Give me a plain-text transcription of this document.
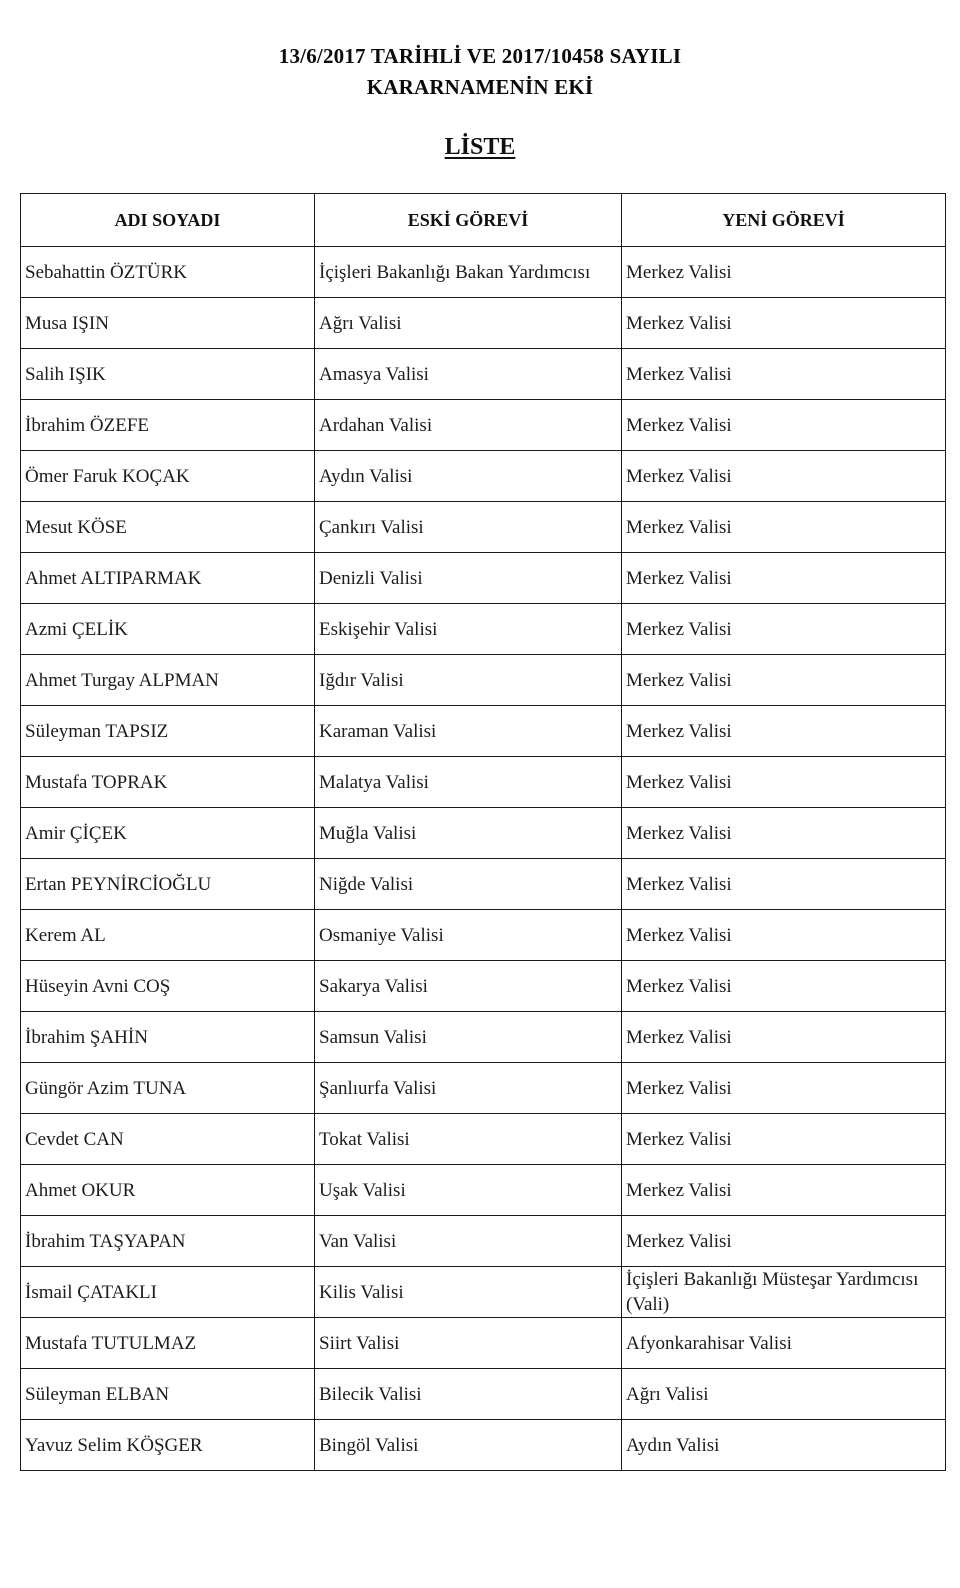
13/6/2017 TARİHLİ VE 2017/10458 SAYILI
KARARNAMENİN EKİ
LİSTE
ADI SOYADI	ESKİ GÖREVİ	YENİ GÖREVİ
Sebahattin ÖZTÜRK	İçişleri Bakanlığı Bakan Yardımcısı	Merkez Valisi
Musa IŞIN	Ağrı Valisi	Merkez Valisi
Salih IŞIK	Amasya Valisi	Merkez Valisi
İbrahim ÖZEFE	Ardahan Valisi	Merkez Valisi
Ömer Faruk KOÇAK	Aydın Valisi	Merkez Valisi
Mesut KÖSE	Çankırı Valisi	Merkez Valisi
Ahmet ALTIPARMAK	Denizli Valisi	Merkez Valisi
Azmi ÇELİK	Eskişehir Valisi	Merkez Valisi
Ahmet Turgay ALPMAN	Iğdır Valisi	Merkez Valisi
Süleyman TAPSIZ	Karaman Valisi	Merkez Valisi
Mustafa TOPRAK	Malatya Valisi	Merkez Valisi
Amir ÇİÇEK	Muğla Valisi	Merkez Valisi
Ertan PEYNİRCİOĞLU	Niğde Valisi	Merkez Valisi
Kerem AL	Osmaniye Valisi	Merkez Valisi
Hüseyin Avni COŞ	Sakarya Valisi	Merkez Valisi
İbrahim ŞAHİN	Samsun Valisi	Merkez Valisi
Güngör Azim TUNA	Şanlıurfa Valisi	Merkez Valisi
Cevdet CAN	Tokat Valisi	Merkez Valisi
Ahmet OKUR	Uşak Valisi	Merkez Valisi
İbrahim TAŞYAPAN	Van Valisi	Merkez Valisi
İsmail ÇATAKLI	Kilis Valisi	İçişleri Bakanlığı Müsteşar Yardımcısı (Vali)
Mustafa TUTULMAZ	Siirt Valisi	Afyonkarahisar Valisi
Süleyman ELBAN	Bilecik Valisi	Ağrı Valisi
Yavuz Selim KÖŞGER	Bingöl Valisi	Aydın Valisi
